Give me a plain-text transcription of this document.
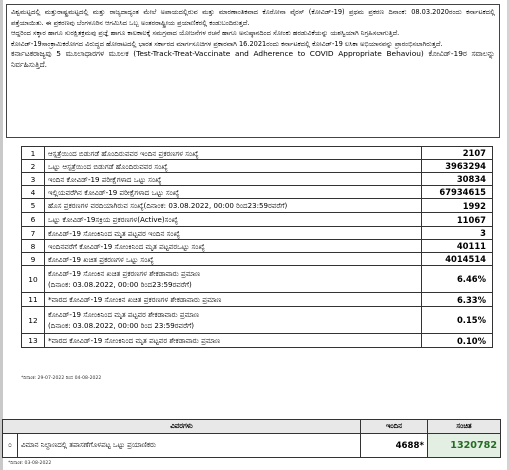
ವಿಶ್ವಮಟ್ಟದಲ್ಲಿ ಮತ್ತುರಾಷ್ಟ್ರಮಟ್ಟದಲ್ಲಿ ಮತ್ತು ರಾಜ್ಯದಾದ್ಯಂತ ಮೇಲೆ ಅಪಾಯದಲ್ಲಿರುವ ಮತ್ತು ಮಾರಣಾಂತಿಕವಾದ ಕೊರೋನಾ ವೈರಸ್ (ಕೋವಿಡ್-19) ಪ್ರಥಮ ಪ್ರಕರಣ ದಿನಾಂಕ: 08.03.2020ರಂದು ಕರ್ನಾಟಕದಲ್ಲಿ ಪತ್ತೆಯಾಯಿತು. ಈ ಪ್ರಕರಣವು ಬೆಂಗಳೂರಿನ ಆಗಮಿಸಿದ ಒಬ್ಬ ಅಂತರರಾಷ್ಟ್ರೀಯ ಪ್ರಯಾಣಿಕರಲ್ಲಿ ಕಂಡುಬಂದಿರುತ್ತದೆ.

ಆದ್ದರಿಂದ ಸಕ್ಕಾರ ಹಾಗೂ ಸುರಕ್ಷಿತಕ್ರಮವು ಪ್ರಜ್ಞೆ ಹಾಗೂ ಕಾಲಕಾಲಕ್ಕೆ ಸಮಗ್ರವಾದ ಯೋಜನೆಗಳ ರಚನೆ ಹಾಗೂ ಅನುಷ್ಠಾನದಿಂದ ಸೋಂಕು ಹರಡುವಿಕೆಯನ್ನು ಯಶಸ್ವಿಯಾಗಿ ನಿಗ್ರಹಿಸಲಾಗುತ್ತಿದೆ.

ಕೋವಿಡ್-19ಸಾಂಕ್ರಾಮಿಕರೋಗದ ವಿರುದ್ಧದ ಹೋರಾಟದಲ್ಲಿ ಭಾರತ ಸರ್ಕಾರದ ಮಾರ್ಗಸೂಚಿಗಳ ಪ್ರಕಾರವಾಗಿ 16.2021ರಂದು ಕರ್ನಾಟಕದಲ್ಲಿ ಕೋವಿಡ್-19 ಲಸಿಕಾ ಅಭಿಯಾನವನ್ನು ಪ್ರಾರಂಭಿಸಲಾಗಿರುತ್ತದೆ.

ಕರ್ನಾಟಕರಾಜ್ಯವು 5 ಮೂಲಾಧಾರಗಳ ಮೂಲಕ (Test-Track-Treat-Vaccinate and Adherence to COVID Appropriate Behaviou) ಕೋವಿಡ್-19ರ ಸವಾಲನ್ನು ನಿರ್ವಹಿಸುತ್ತಿದೆ.

1	ಆಸ್ಪತ್ರೆಯಿಂದ ಬಿಡುಗಡೆ ಹೊಂದಿರುವವರ ಇಂದಿನ ಪ್ರಕರಣಗಳ ಸಂಖ್ಯೆ	2107
2	ಒಟ್ಟು ಆಸ್ಪತ್ರೆಯಿಂದ ಬಿಡುಗಡೆ ಹೊಂದಿರುವವರ ಸಂಖ್ಯೆ	3963294
3	ಇಂದಿನ ಕೋವಿಡ್-19 ಪರೀಕ್ಷೆಗಳಾದ ಒಟ್ಟು ಸಂಖ್ಯೆ	30834
4	ಇಲ್ಲಿಯವರೆಗಿನ ಕೋವಿಡ್-19 ಪರೀಕ್ಷೆಗಳಾದ ಒಟ್ಟು ಸಂಖ್ಯೆ	67934615
5	ಹೊಸ ಪ್ರಕರಣಗಳ ವರದಿಯಾಗಿರುವ ಸಂಖ್ಯೆ(ದಿನಾಂಕ: 03.08.2022, 00:00 ರಿಂದ23:59ರವರೆಗೆ)	1992
6	ಒಟ್ಟು ಕೋವಿಡ್-19ಸಕ್ರಿಯ ಪ್ರಕರಣಗಳ(Active)ಸಂಖ್ಯೆ	11067
7	ಕೋವಿಡ್-19 ಸೋಂಕಿನಿಂದ ಮೃತ ಪಟ್ಟವರ ಇಂದಿನ ಸಂಖ್ಯೆ	3
8	ಇಂದಿನವರೆಗೆ ಕೋವಿಡ್-19 ಸೋಂಕಿನಿಂದ ಮೃತ ಪಟ್ಟವರಒಟ್ಟು ಸಂಖ್ಯೆ	40111
9	ಕೋವಿಡ್-19 ಖಚಿತ ಪ್ರಕರಣಗಳ ಒಟ್ಟು ಸಂಖ್ಯೆ	4014514
10	ಕೋವಿಡ್-19 ಸೋಂಕಿನ ಖಚಿತ ಪ್ರಕರಣಗಳ ಶೇಕಡಾವಾರು ಪ್ರಮಾಣ
(ದಿನಾಂಕ: 03.08.2022, 00:00 ರಿಂದ23:59ರವರೆಗೆ)	6.46%
11	*ವಾರದ ಕೋವಿಡ್-19 ಸೋಂಕಿನ ಖಚಿತ ಪ್ರಕರಣಗಳ ಶೇಕಡಾವಾರು ಪ್ರಮಾಣ	6.33%
12	ಕೋವಿಡ್-19 ಸೋಂಕಿನಿಂದ ಮೃತ ಪಟ್ಟವರ ಶೇಕಡಾವಾರು ಪ್ರಮಾಣ
(ದಿನಾಂಕ: 03.08.2022, 00:00 ರಿಂದ 23:59ರವರೆಗೆ)	0.15%
13	*ವಾರದ ಕೋವಿಡ್-19 ಸೋಂಕಿನಿಂದ ಮೃತ ಪಟ್ಟವರ ಶೇಕಡಾವಾರು ಪ್ರಮಾಣ	0.10%
*ದಿನಾಂಕ: 29-07-2022 ರಿಂದ 04-08-2022
ವಿವರಗಳು		ಇಂದಿನ	ಸಂಚಿತ
೦	ವಿಮಾನ ನಿಲ್ದಾಣದಲ್ಲಿ ತಪಾಸಣೆಗೊಳಪಟ್ಟ ಒಟ್ಟು ಪ್ರಯಾಣಿಕರು	4688*	1320782
*ದಿನಾಂಕ: 03-08-2022
